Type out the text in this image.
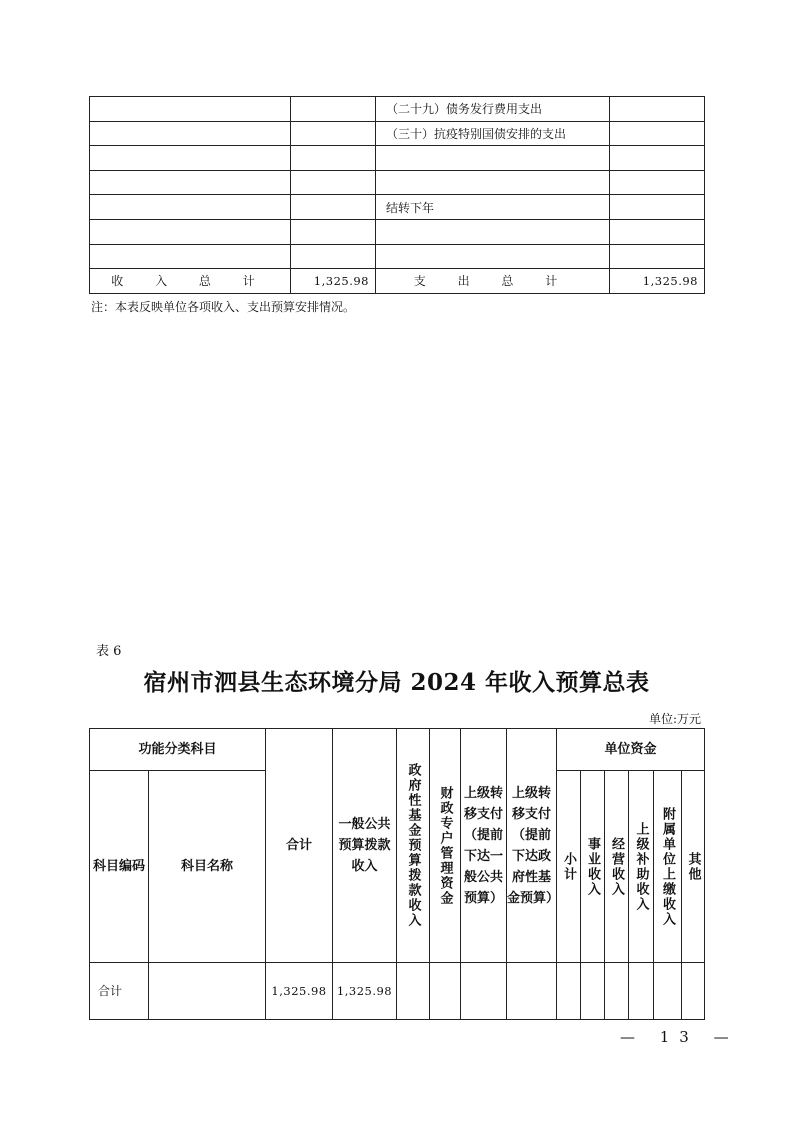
		（二十九）债务发行费用支出	
		（三十）抗疫特别国债安排的支出	

		结转下年	

收 入 总 计	1,325.98	支 出 总 计	1,325.98
注：本表反映单位各项收入、支出预算安排情况。
表 6
宿州市泗县生态环境分局 2024 年收入预算总表
单位:万元
功能分类科目		合计	一般公共预算拨款收入	政府性基金预算拨款收入	财政专户管理资金	上级转移支付（提前下达一般公共预算）	上级转移支付（提前下达政府性基金预算）	单位资金					
科目编码	科目名称							小计	事业收入	经营收入	上级补助收入	附属单位上缴收入	其他
合计		1,325.98	1,325.98										
— 13 —
